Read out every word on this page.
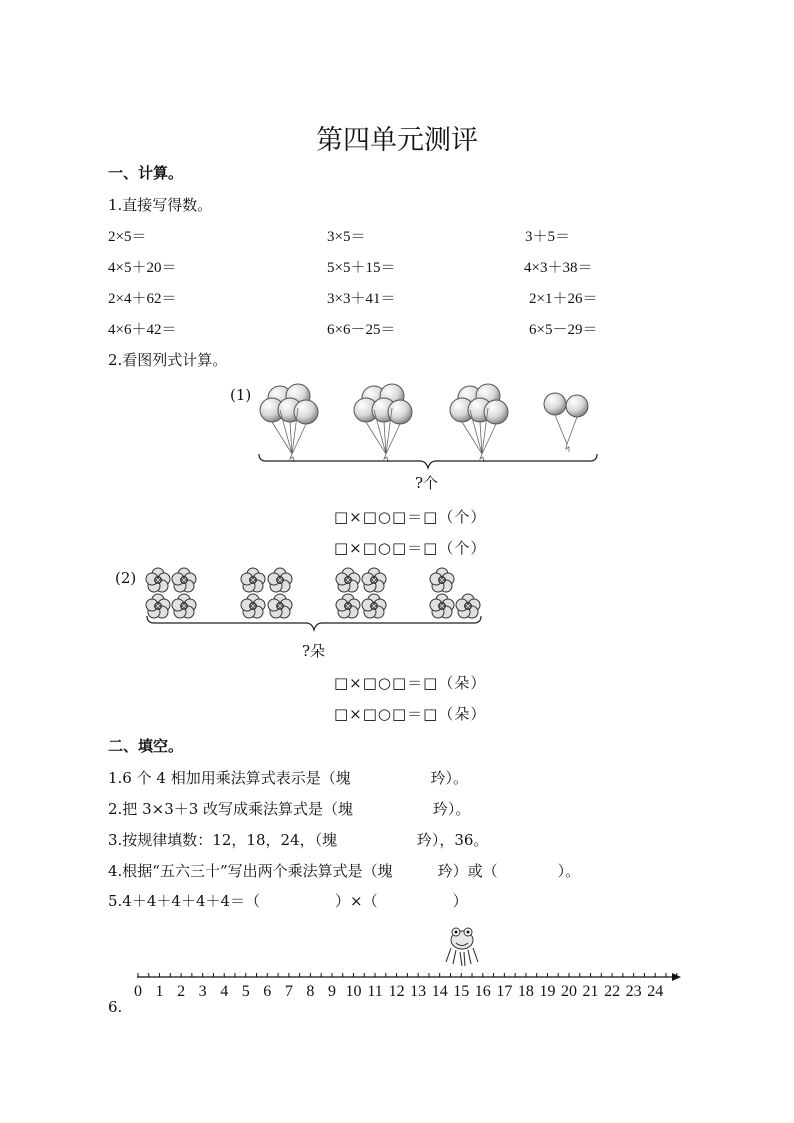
第四单元测评
一、计算。
1.直接写得数。
2×5＝	3×5＝	3＋5＝
4×5＋20＝	5×5＋15＝	4×3＋38＝
2×4＋62＝	3×3＋41＝	2×1＋26＝
4×6＋42＝	6×6－25＝	6×5－29＝
2.看图列式计算。
(1)
?个
□×□○□＝□（个）
□×□○□＝□（个）
(2)
?朵
□×□○□＝□（朵）
□×□○□＝□（朵）
二、填空。
1.6 个 4 相加用乘法算式表示是（塊　　　　　 玪）。
2.把 3×3＋3 改写成乘法算式是（塊　　　　　 玪）。
3.按规律填数：12，18，24，（塊　　　　　 玪），36。
4.根据“五六三十”写出两个乘法算式是（塊　　　玪）或（　　　　）。
5.4＋4＋4＋4＋4＝（　　　　　）×（　　　　　）
6.
0 1 2 3 4 5 6 7 8 9 10 11 12 13 14 15 16 17 18 19 20 21 22 23 24
